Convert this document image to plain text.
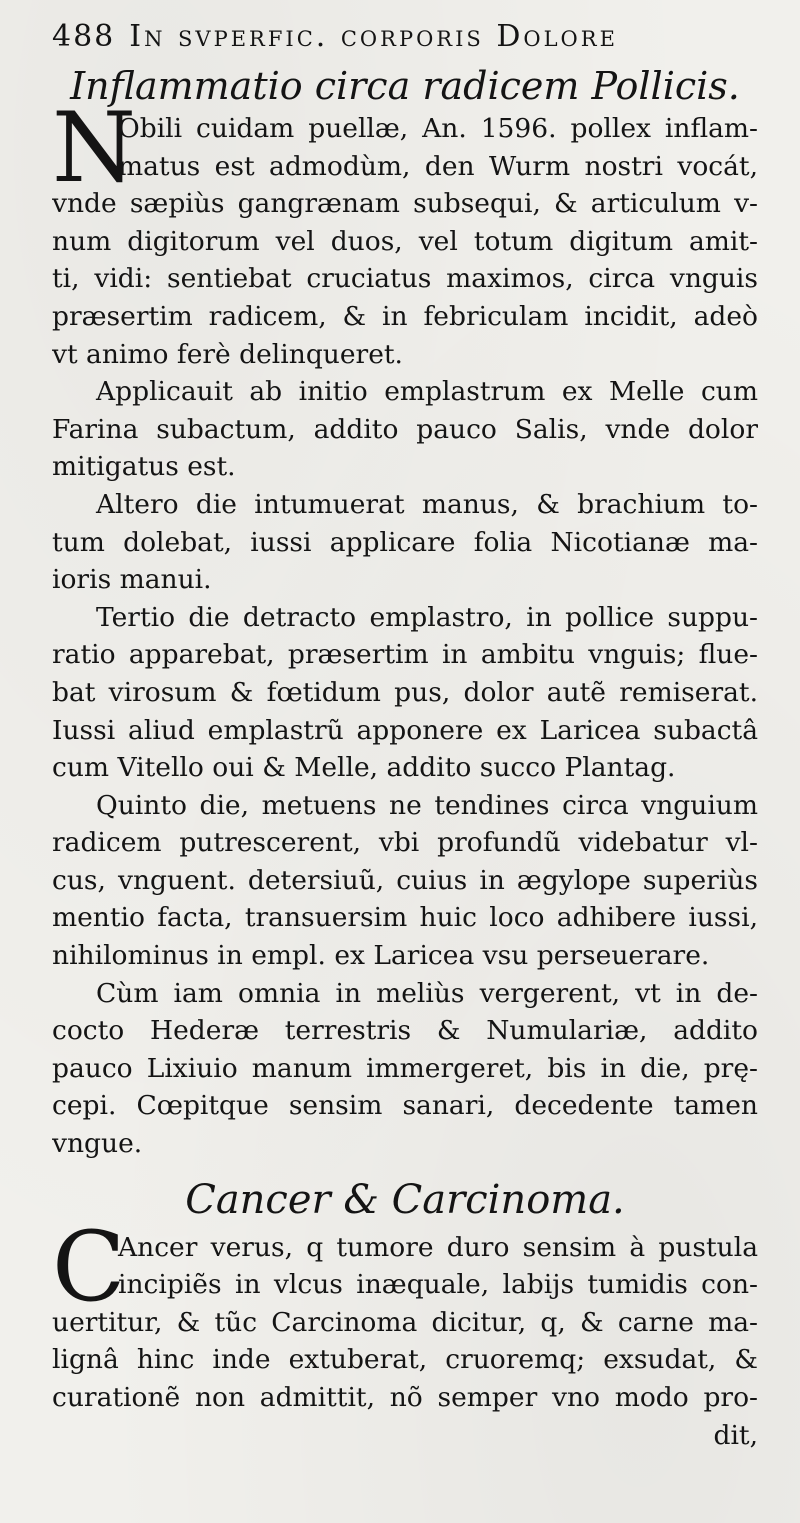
488 In svperfic. corporis Dolore
Inflammatio circa radicem Pollicis.
N
Obili cuidam puellæ, An. 1596. pollex inflam-
matus est admodùm, den Wurm nostri vocát,
vnde sæpiùs gangrænam subsequi, & articulum v-
num digitorum vel duos, vel totum digitum amit-
ti, vidi: sentiebat cruciatus maximos, circa vnguis
præsertim radicem, & in febriculam incidit, adeò
vt animo ferè delinqueret.
Applicauit ab initio emplastrum ex Melle cum
Farina subactum, addito pauco Salis, vnde dolor
mitigatus est.
Altero die intumuerat manus, & brachium to-
tum dolebat, iussi applicare folia Nicotianæ ma-
ioris manui.
Tertio die detracto emplastro, in pollice suppu-
ratio apparebat, præsertim in ambitu vnguis; flue-
bat virosum & fœtidum pus, dolor autẽ remiserat.
Iussi aliud emplastrũ apponere ex Laricea subactâ
cum Vitello oui & Melle, addito succo Plantag.
Quinto die, metuens ne tendines circa vnguium
radicem putrescerent, vbi profundũ videbatur vl-
cus, vnguent. detersiuũ, cuius in ægylope superiùs
mentio facta, transuersim huic loco adhibere iussi,
nihilominus in empl. ex Laricea vsu perseuerare.
Cùm iam omnia in meliùs vergerent, vt in de-
cocto Hederæ terrestris & Numulariæ, addito
pauco Lixiuio manum immergeret, bis in die, prę-
cepi. Cœpitque sensim sanari, decedente tamen
vngue.
Cancer & Carcinoma.
C
Ancer verus, q tumore duro sensim à pustula
incipiẽs in vlcus inæquale, labijs tumidis con-
uertitur, & tũc Carcinoma dicitur, q, & carne ma-
lignâ hinc inde extuberat, cruoremq; exsudat, &
curationẽ non admittit, nõ semper vno modo pro-
dit,
